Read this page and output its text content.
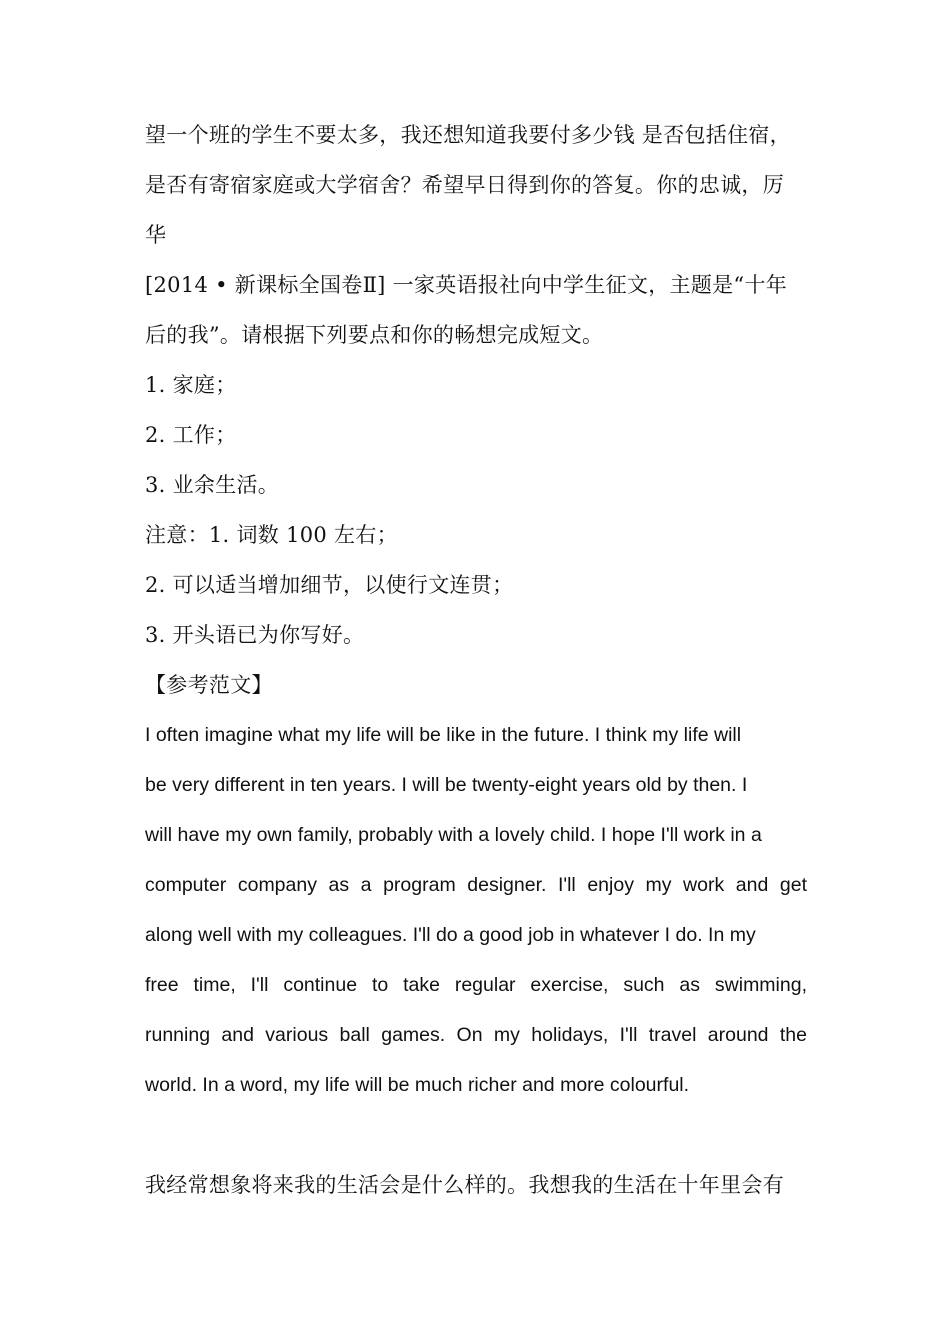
望一个班的学生不要太多，我还想知道我要付多少钱 是否包括住宿，
是否有寄宿家庭或大学宿舍？希望早日得到你的答复。你的忠诚，厉
华
[2014 • 新课标全国卷Ⅱ] 一家英语报社向中学生征文，主题是“十年
后的我”。请根据下列要点和你的畅想完成短文。
1. 家庭；
2. 工作；
3. 业余生活。
注意：1. 词数 100 左右；
2. 可以适当增加细节，以使行文连贯；
3. 开头语已为你写好。
【参考范文】
I often imagine what my life will be like in the future. I think my life will
be very different in ten years. I will be twenty-eight years old by then. I
will have my own family, probably with a lovely child. I hope I'll work in a
computer company as a program designer. I'll enjoy my work and get
along well with my colleagues. I'll do a good job in whatever I do. In my
free time, I'll continue to take regular exercise, such as swimming,
running and various ball games. On my holidays, I'll travel around the
world. In a word, my life will be much richer and more colourful.
我经常想象将来我的生活会是什么样的。我想我的生活在十年里会有
